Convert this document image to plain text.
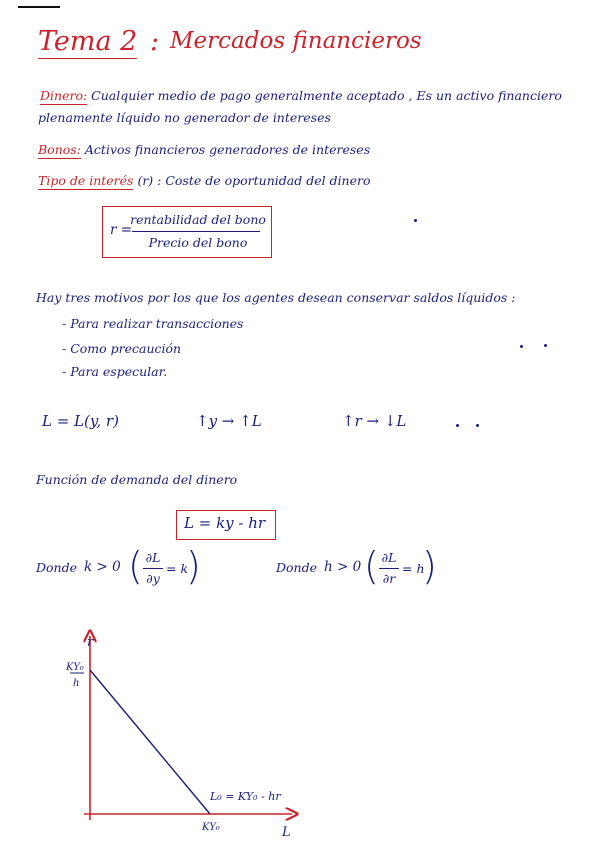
Tema 2 : Mercados financieros
Dinero: Cualquier medio de pago generalmente aceptado , Es un activo financiero
plenamente líquido no generador de intereses
Bonos: Activos financieros generadores de intereses
Tipo de interés (r) : Coste de oportunidad del dinero
r =
rentabilidad del bono
Precio del bono
Hay tres motivos por los que los agentes desean conservar saldos líquidos :
- Para realizar transacciones
- Como precaución
- Para especular.
L = L(y, r)	↑y → ↑L	↑r → ↓L
Función de demanda del dinero
L = ky - hr
Donde k > 0 ( ∂L
∂y
= k
)	Donde h > 0 ( ∂L
∂r
= h
)
r
L
KY₀
h
KY₀
L₀ = KY₀ - hr
